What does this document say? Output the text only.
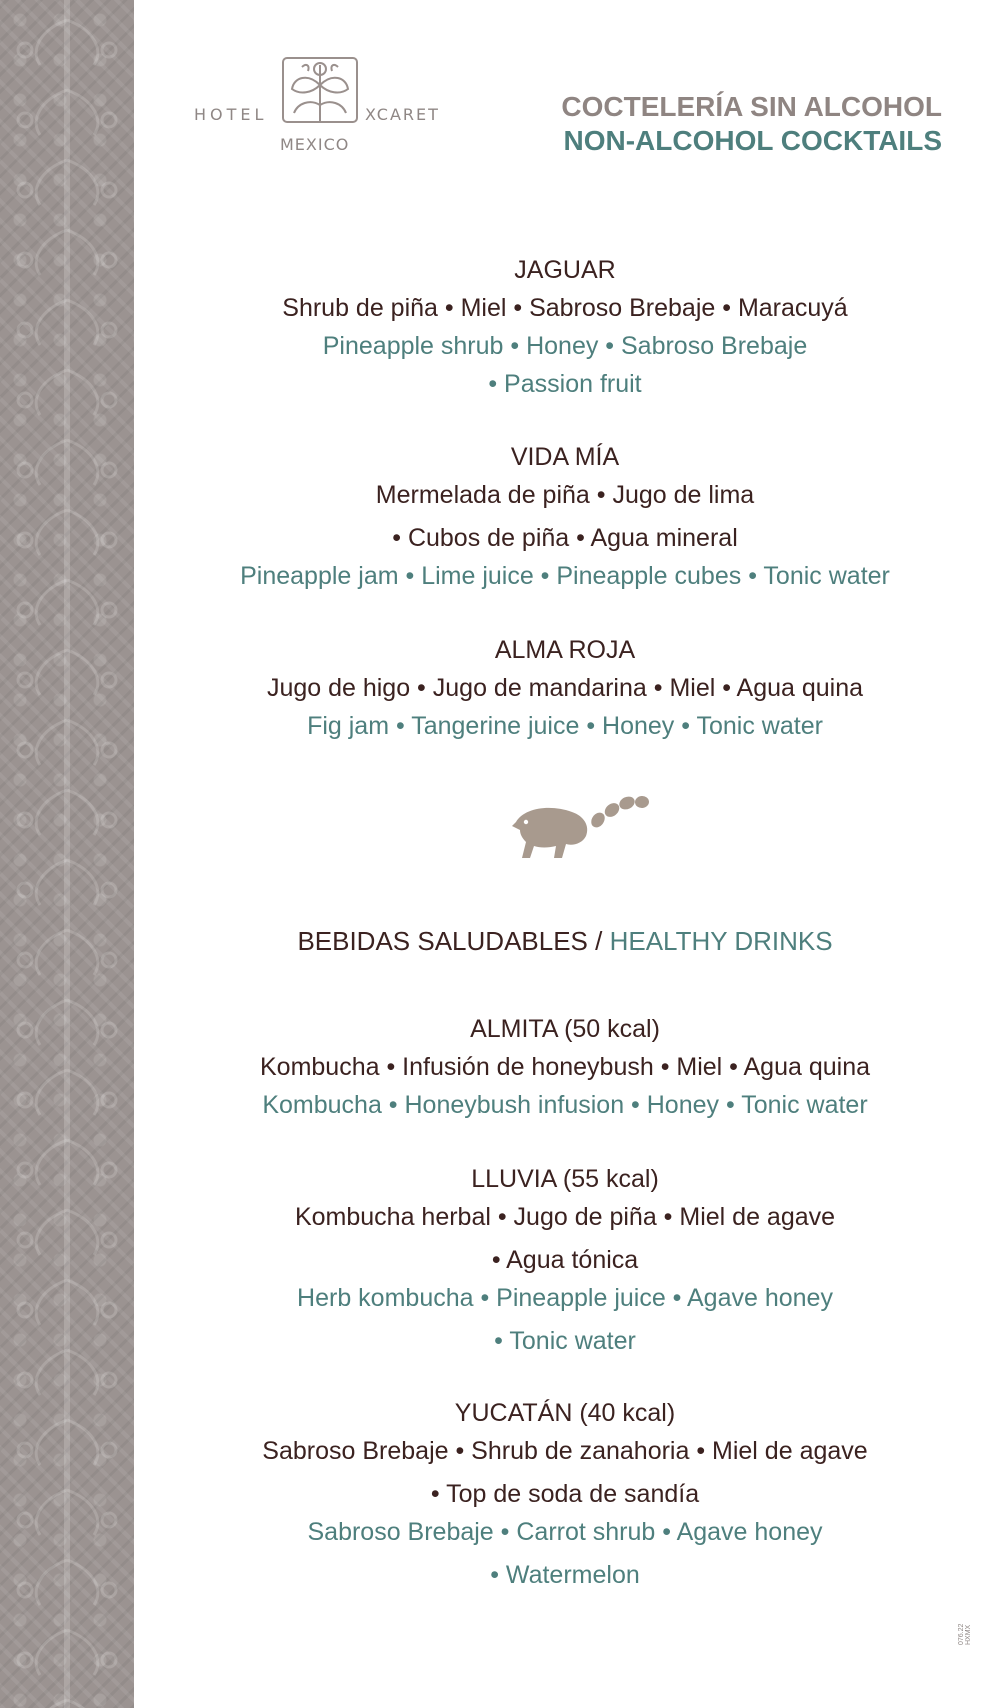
HOTEL	XCARET
MEXICO
COCTELERÍA SIN ALCOHOL
NON-ALCOHOL COCKTAILS
JAGUAR
Shrub de piña • Miel • Sabroso Brebaje • Maracuyá
Pineapple shrub • Honey • Sabroso Brebaje
• Passion fruit
VIDA MÍA
Mermelada de piña • Jugo de lima
• Cubos de piña • Agua mineral
Pineapple jam • Lime juice • Pineapple cubes • Tonic water
ALMA ROJA
Jugo de higo • Jugo de mandarina • Miel • Agua quina
Fig jam • Tangerine juice • Honey • Tonic water
BEBIDAS SALUDABLES / HEALTHY DRINKS
ALMITA (50 kcal)
Kombucha • Infusión de honeybush • Miel • Agua quina
Kombucha • Honeybush infusion • Honey • Tonic water
LLUVIA (55 kcal)
Kombucha herbal • Jugo de piña • Miel de agave
• Agua tónica
Herb kombucha • Pineapple juice • Agave honey
• Tonic water
YUCATÁN (40 kcal)
Sabroso Brebaje • Shrub de zanahoria • Miel de agave
• Top de soda de sandía
Sabroso Brebaje • Carrot shrub • Agave honey
• Watermelon
076.22 HXMX
